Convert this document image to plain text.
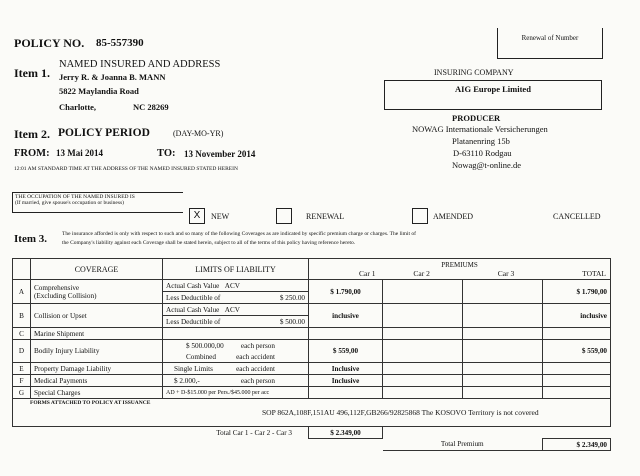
POLICY NO. 85-557390	Renewal of Number
Item 1.
NAMED INSURED AND ADDRESS
Jerry R. & Joanna B. MANN
5822 Maylandia Road
Charlotte,	NC 28269
INSURING COMPANY
AIG Europe Limited
PRODUCER
NOWAG Internationale Versicherungen
Platanenring 15b
D-63110 Rodgau
Nowag@t-online.de
Item 2. POLICY PERIOD	(DAY-MO-YR)
FROM: 13 Mai 2014	TO: 13 November 2014
12:01 AM STANDARD TIME AT THE ADDRESS OF THE NAMED INSURED STATED HEREIN
THE OCCUPATION OF THE NAMED INSURED IS
(If married, give spouse's occupation or business)
X	NEW	RENEWAL	AMENDED	CANCELLED
Item 3.	The insurance afforded is only with respect to such and so many of the following Coverages as are indicated by specific premium charge or charges. The limit of
the Company's liability against each Coverage shall be stated herein, subject to all of the terms of this policy having reference hereto.
	COVERAGE	LIMITS OF LIABILITY	PREMIUMS
Car 1 Car 2 Car 3 TOTAL			

A	Comprehensive
(Excluding Collision)	Actual Cash Value ACV	$ 1.790,00			$ 1.790,00

		Less Deductible of $ 250.00				

B	Collision or Upset	Actual Cash Value ACV	inclusive			inclusive

		Less Deductible of $ 500.00				

C	Marine Shipment					
D	Bodily Injury Liability	$ 500.000,00 each person	$ 559,00			$ 559,00

		Combined each accident				

E	Property Damage Liability	Single Limits each accident	Inclusive			
F	Medical Payments	$ 2.000,- each person	Inclusive			
G	Special Charges	AD + D-$15.000 per Pers./$45.000 per acc				

FORMS ATTACHED TO POLICY AT ISSUANCE
SOP 862A,108F,151AU 496,112F,GB266/92825868 The KOSOVO Territory is not covered						

Total Car 1 - Car 2 - Car 3			$ 2.349,00			
				Total Premium		$ 2.349,00
